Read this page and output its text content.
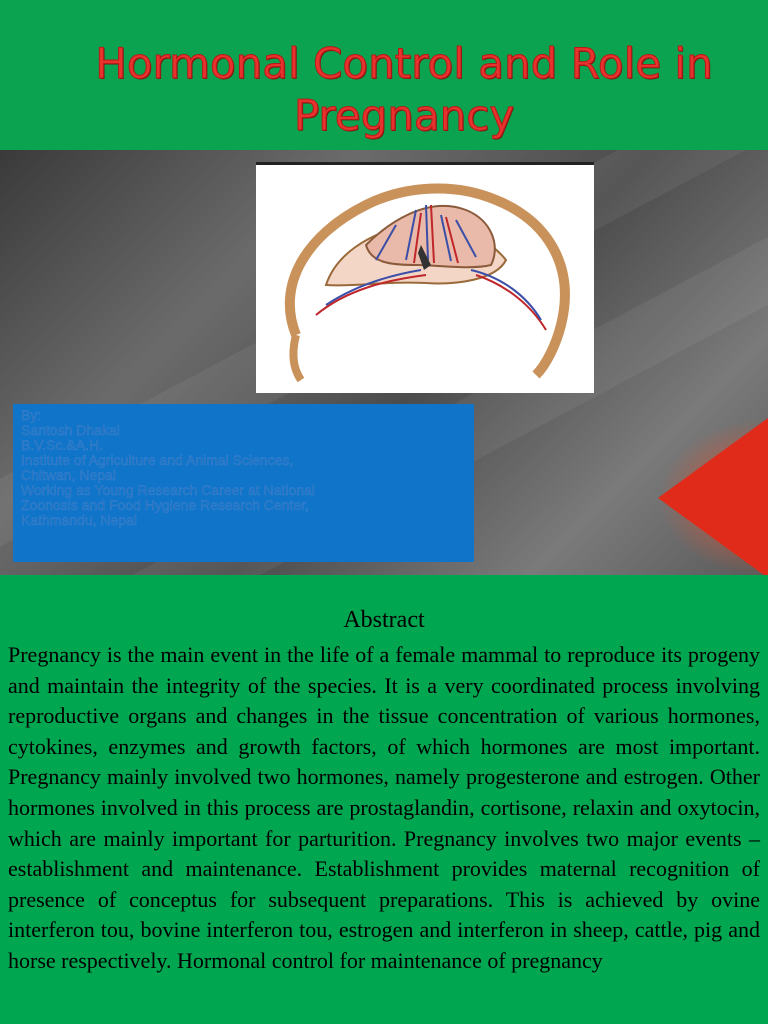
Hormonal Control and Role in Pregnancy
By:
Santosh Dhakal
B.V.Sc.&A.H.
Institute of Agriculture and Animal Sciences,
Chitwan, Nepal
Working as Young Research Career at National
Zoonosis and Food Hygiene Research Center,
Kathmandu, Nepal
Abstract
Pregnancy is the main event in the life of a female mammal to reproduce its progeny and maintain the integrity of the species. It is a very coordinated process involving reproductive organs and changes in the tissue concentration of various hormones, cytokines, enzymes and growth factors, of which hormones are most important. Pregnancy mainly involved two hormones, namely progesterone and estrogen. Other hormones involved in this process are prostaglandin, cortisone, relaxin and oxytocin, which are mainly important for parturition. Pregnancy involves two major events – establishment and maintenance. Establishment provides maternal recognition of presence of conceptus for subsequent preparations. This is achieved by ovine interferon tou, bovine interferon tou, estrogen and interferon in sheep, cattle, pig and horse respectively. Hormonal control for maintenance of pregnancy
